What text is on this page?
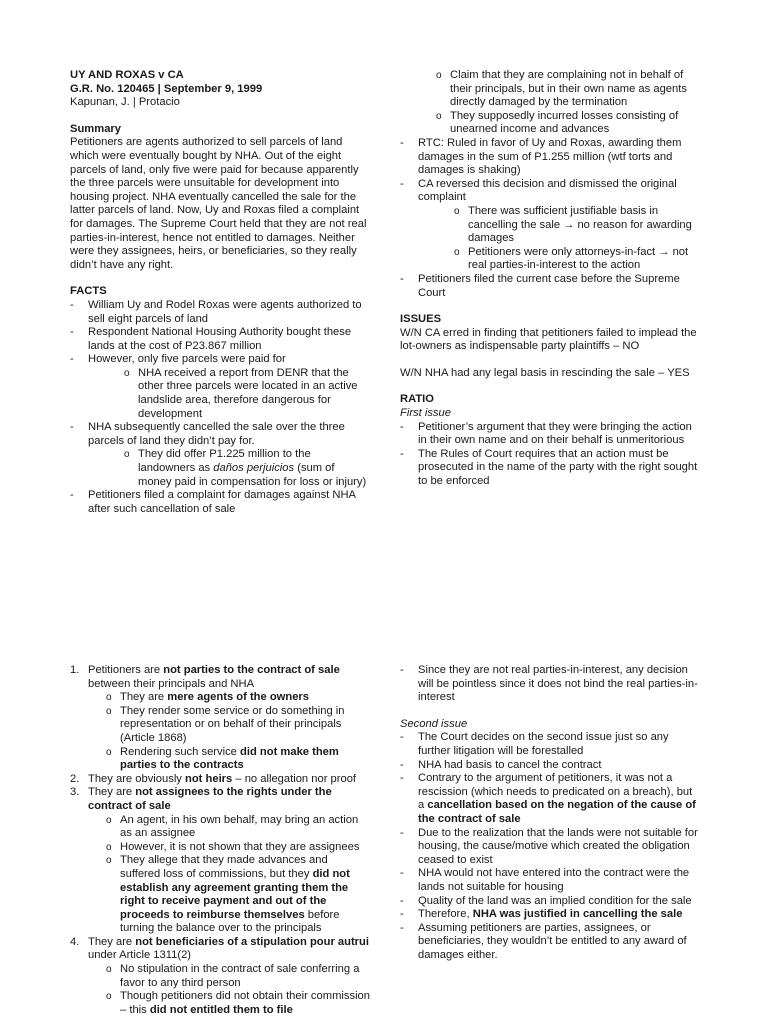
UY AND ROXAS v CA

G.R. No. 120465 | September 9, 1999

Kapunan, J. | Protacio

Summary

Petitioners are agents authorized to sell parcels of land which were eventually bought by NHA. Out of the eight parcels of land, only five were paid for because apparently the three parcels were unsuitable for development into housing project. NHA eventually cancelled the sale for the latter parcels of land. Now, Uy and Roxas filed a complaint for damages. The Supreme Court held that they are not real parties-in-interest, hence not entitled to damages. Neither were they assignees, heirs, or beneficiaries, so they really didn’t have any right.

FACTS

- William Uy and Rodel Roxas were agents authorized to sell eight parcels of land
- Respondent National Housing Authority bought these lands at the cost of P23.867 million
- However, only five parcels were paid for
o NHA received a report from DENR that the other three parcels were located in an active landslide area, therefore dangerous for development
- NHA subsequently cancelled the sale over the three parcels of land they didn’t pay for.
o They did offer P1.225 million to the landowners as daños perjuicios (sum of money paid in compensation for loss or injury)
- Petitioners filed a complaint for damages against NHA after such cancellation of sale
o Claim that they are complaining not in behalf of their principals, but in their own name as agents directly damaged by the termination
o They supposedly incurred losses consisting of unearned income and advances
- RTC: Ruled in favor of Uy and Roxas, awarding them damages in the sum of P1.255 million (wtf torts and damages is shaking)
- CA reversed this decision and dismissed the original complaint
o There was sufficient justifiable basis in cancelling the sale → no reason for awarding damages
o Petitioners were only attorneys-in-fact → not real parties-in-interest to the action
- Petitioners filed the current case before the Supreme Court

ISSUES

W/N CA erred in finding that petitioners failed to implead the lot-owners as indispensable party plaintiffs – NO

W/N NHA had any legal basis in rescinding the sale – YES

RATIO

First issue

- Petitioner’s argument that they were bringing the action in their own name and on their behalf is unmeritorious
- The Rules of Court requires that an action must be prosecuted in the name of the party with the right sought to be enforced
1. Petitioners are not parties to the contract of sale between their principals and NHA
o They are mere agents of the owners
o They render some service or do something in representation or on behalf of their principals (Article 1868)
o Rendering such service did not make them parties to the contracts
2. They are obviously not heirs – no allegation nor proof
3. They are not assignees to the rights under the contract of sale
o An agent, in his own behalf, may bring an action as an assignee
o However, it is not shown that they are assignees
o They allege that they made advances and suffered loss of commissions, but they did not establish any agreement granting them the right to receive payment and out of the proceeds to reimburse themselves before turning the balance over to the principals
4. They are not beneficiaries of a stipulation pour autrui under Article 1311(2)
o No stipulation in the contract of sale conferring a favor to any third person
o Though petitioners did not obtain their commission – this did not entitled them to file
- Since they are not real parties-in-interest, any decision will be pointless since it does not bind the real parties-in-interest

Second issue

- The Court decides on the second issue just so any further litigation will be forestalled
- NHA had basis to cancel the contract
- Contrary to the argument of petitioners, it was not a rescission (which needs to predicated on a breach), but a cancellation based on the negation of the cause of the contract of sale
- Due to the realization that the lands were not suitable for housing, the cause/motive which created the obligation ceased to exist
- NHA would not have entered into the contract were the lands not suitable for housing
- Quality of the land was an implied condition for the sale
- Therefore, NHA was justified in cancelling the sale
- Assuming petitioners are parties, assignees, or beneficiaries, they wouldn’t be entitled to any award of damages either.
